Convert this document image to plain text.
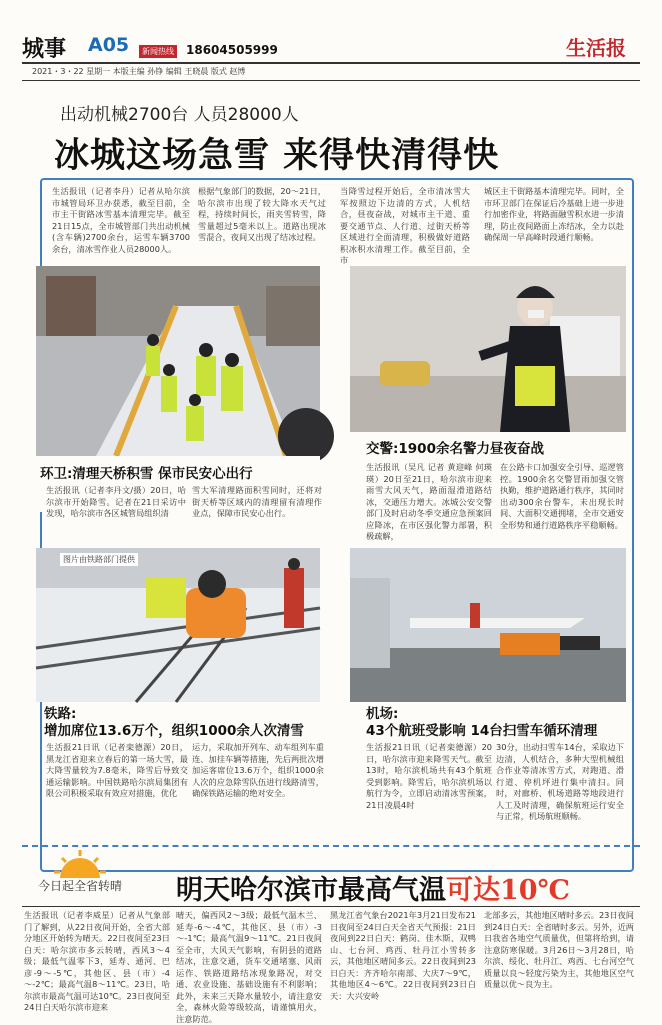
城事 A05	新闻热线 18604505999	生活报
2021・3・22 星期一 本版主编 孙铮 编辑 王晓晨 版式 赵博
出动机械2700台 人员28000人
冰城这场急雪 来得快清得快
生活报讯（记者李丹）记者从哈尔滨市城管局环卫办获悉，截至目前，全市主干街路冰雪基本清理完毕。截至21日15点，全市城管部门共出动机械(含车辆)2700余台，运雪车辆3700余台，清冰雪作业人员28000人。
根据气象部门的数据，20～21日，哈尔滨市出现了较大降水天气过程，持续时间长，雨夹雪转雪，降雪量超过5毫米以上。道路出现冰雪混合，夜间又出现了结冰过程。
当降雪过程开始后，全市清冰雪大军按照边下边清的方式，人机结合，昼夜奋战，对城市主干道、重要交通节点、人行道、过街天桥等区域进行全面清理，积极做好道路积冰积水清理工作。截至目前，全市
城区主干街路基本清理完毕。同时，全市环卫部门在保证后冷基础上进一步进行加密作业，将路面融雪积水进一步清理，防止夜间路面上冻结冰，全力以赴确保周一早高峰时段通行顺畅。
环卫:清理天桥积雪 保市民安心出行
生活报讯（记者李丹文/摄）20日，哈尔滨市开始降雪。记者在21日采访中发现，哈尔滨市各区城管局组织清
雪大军清理路面积雪同时，还将对街天桥等区域内的清理留有清理作业点，保障市民安心出行。
交警:1900余名警力昼夜奋战
生活报讯（吴凡 记者 黄迎峰 何瑛瑛）20日至21日，哈尔滨市迎来雨雪大风天气，路面湿滑道路结冰，交通压力增大。冰城公安交警部门及时启动冬季交通应急预案回应降冰，在市区强化警力部署，积极疏解，
在公路卡口加强安全引导、巡逻管控。1900余名交警冒雨加强交管执勤，维护道路通行秩序，其同时出动300余台警车，未出现长时间、大面积交通拥堵，全市交通安全形势和通行道路秩序平稳顺畅。
图片由铁路部门提供
铁路:
增加席位13.6万个，组织1000余人次清雪
生活报21日讯（记者栾德源）20日，黑龙江省迎来立春后的第一场大雪，最大降雪量较为7.8毫米，降雪后导致交通运输影响。中国铁路哈尔滨局集团有限公司积极采取有效应对措施，优化
运力，采取加开列车、动车组列车重连、加挂车辆等措施，先后两批次增加运客席位13.6万个，组织1000余人次的应急除雪队伍进行线路清雪，确保铁路运输的绝对安全。
机场:
43个航班受影响 14台扫雪车循环清理
生活报21日讯（记者栾德源）20日，哈尔滨市迎来降雪天气。截至13时，哈尔滨机场共有43个航班受到影响。降雪后，哈尔滨机场以航行为令，立即启动清冰雪预案，21日凌晨4时
30分，出动扫雪车14台，采取边下边清，人机结合，多种大型机械组合作业等清冰雪方式，对跑道、滑行道、停机坪进行集中清扫。同时，对廊桥、机场道路等地段进行人工及时清理，确保航班运行安全与正常，机场航班顺畅。
今日起全省转晴 明天哈尔滨市最高气温可达10℃
生活报讯（记者李威星）记者从气象部门了解到，从22日夜间开始，全省大部分地区开始转为晴天。22日夜间至23日白天：哈尔滨市多云转晴，西风3～4级；最低气温零下3，延寿、通河、巴彦-9～-5℃，其他区、县（市）-4～-2℃；最高气温8～11℃。23日，哈尔滨市最高气温可达10℃。23日夜间至24日白天哈尔滨市迎来
晴天，偏西风2～3级；最低气温木兰、延寿-6～-4℃，其他区、县（市）-3～-1℃；最高气温9～11℃。21日夜间至全市，大风天气影响，有阴县的道路结冰，注意交通，货车交通堵塞、风雨运作、铁路道路结冰现象路况，对交通、农业设施、基础设施有不利影响；此外，未来三天降水量较小，请注意安全，森林火险等级较高，请谨慎用火，注意防范。
黑龙江省气象台2021年3月21日发布21日夜间至24日白天全省天气预报：21日夜间到22日白天：鹤岗、佳木斯、双鸭山、七台河、鸡西、牡丹江小雪转多云，其他地区晴间多云。22日夜间到23日白天：齐齐哈尔南部、大庆7～9℃，其他地区4～6℃。22日夜间到23日白天：大兴安岭
北部多云，其他地区晴时多云。23日夜间到24日白天：全省晴时多云。另外，近两日我省各地空气质量优，但第将给到，请注意防寒保暖。3月26日～3月28日，哈尔滨、绥化、牡丹江、鸡西、七台河空气质量以良～轻度污染为主，其他地区空气质量以优～良为主。
